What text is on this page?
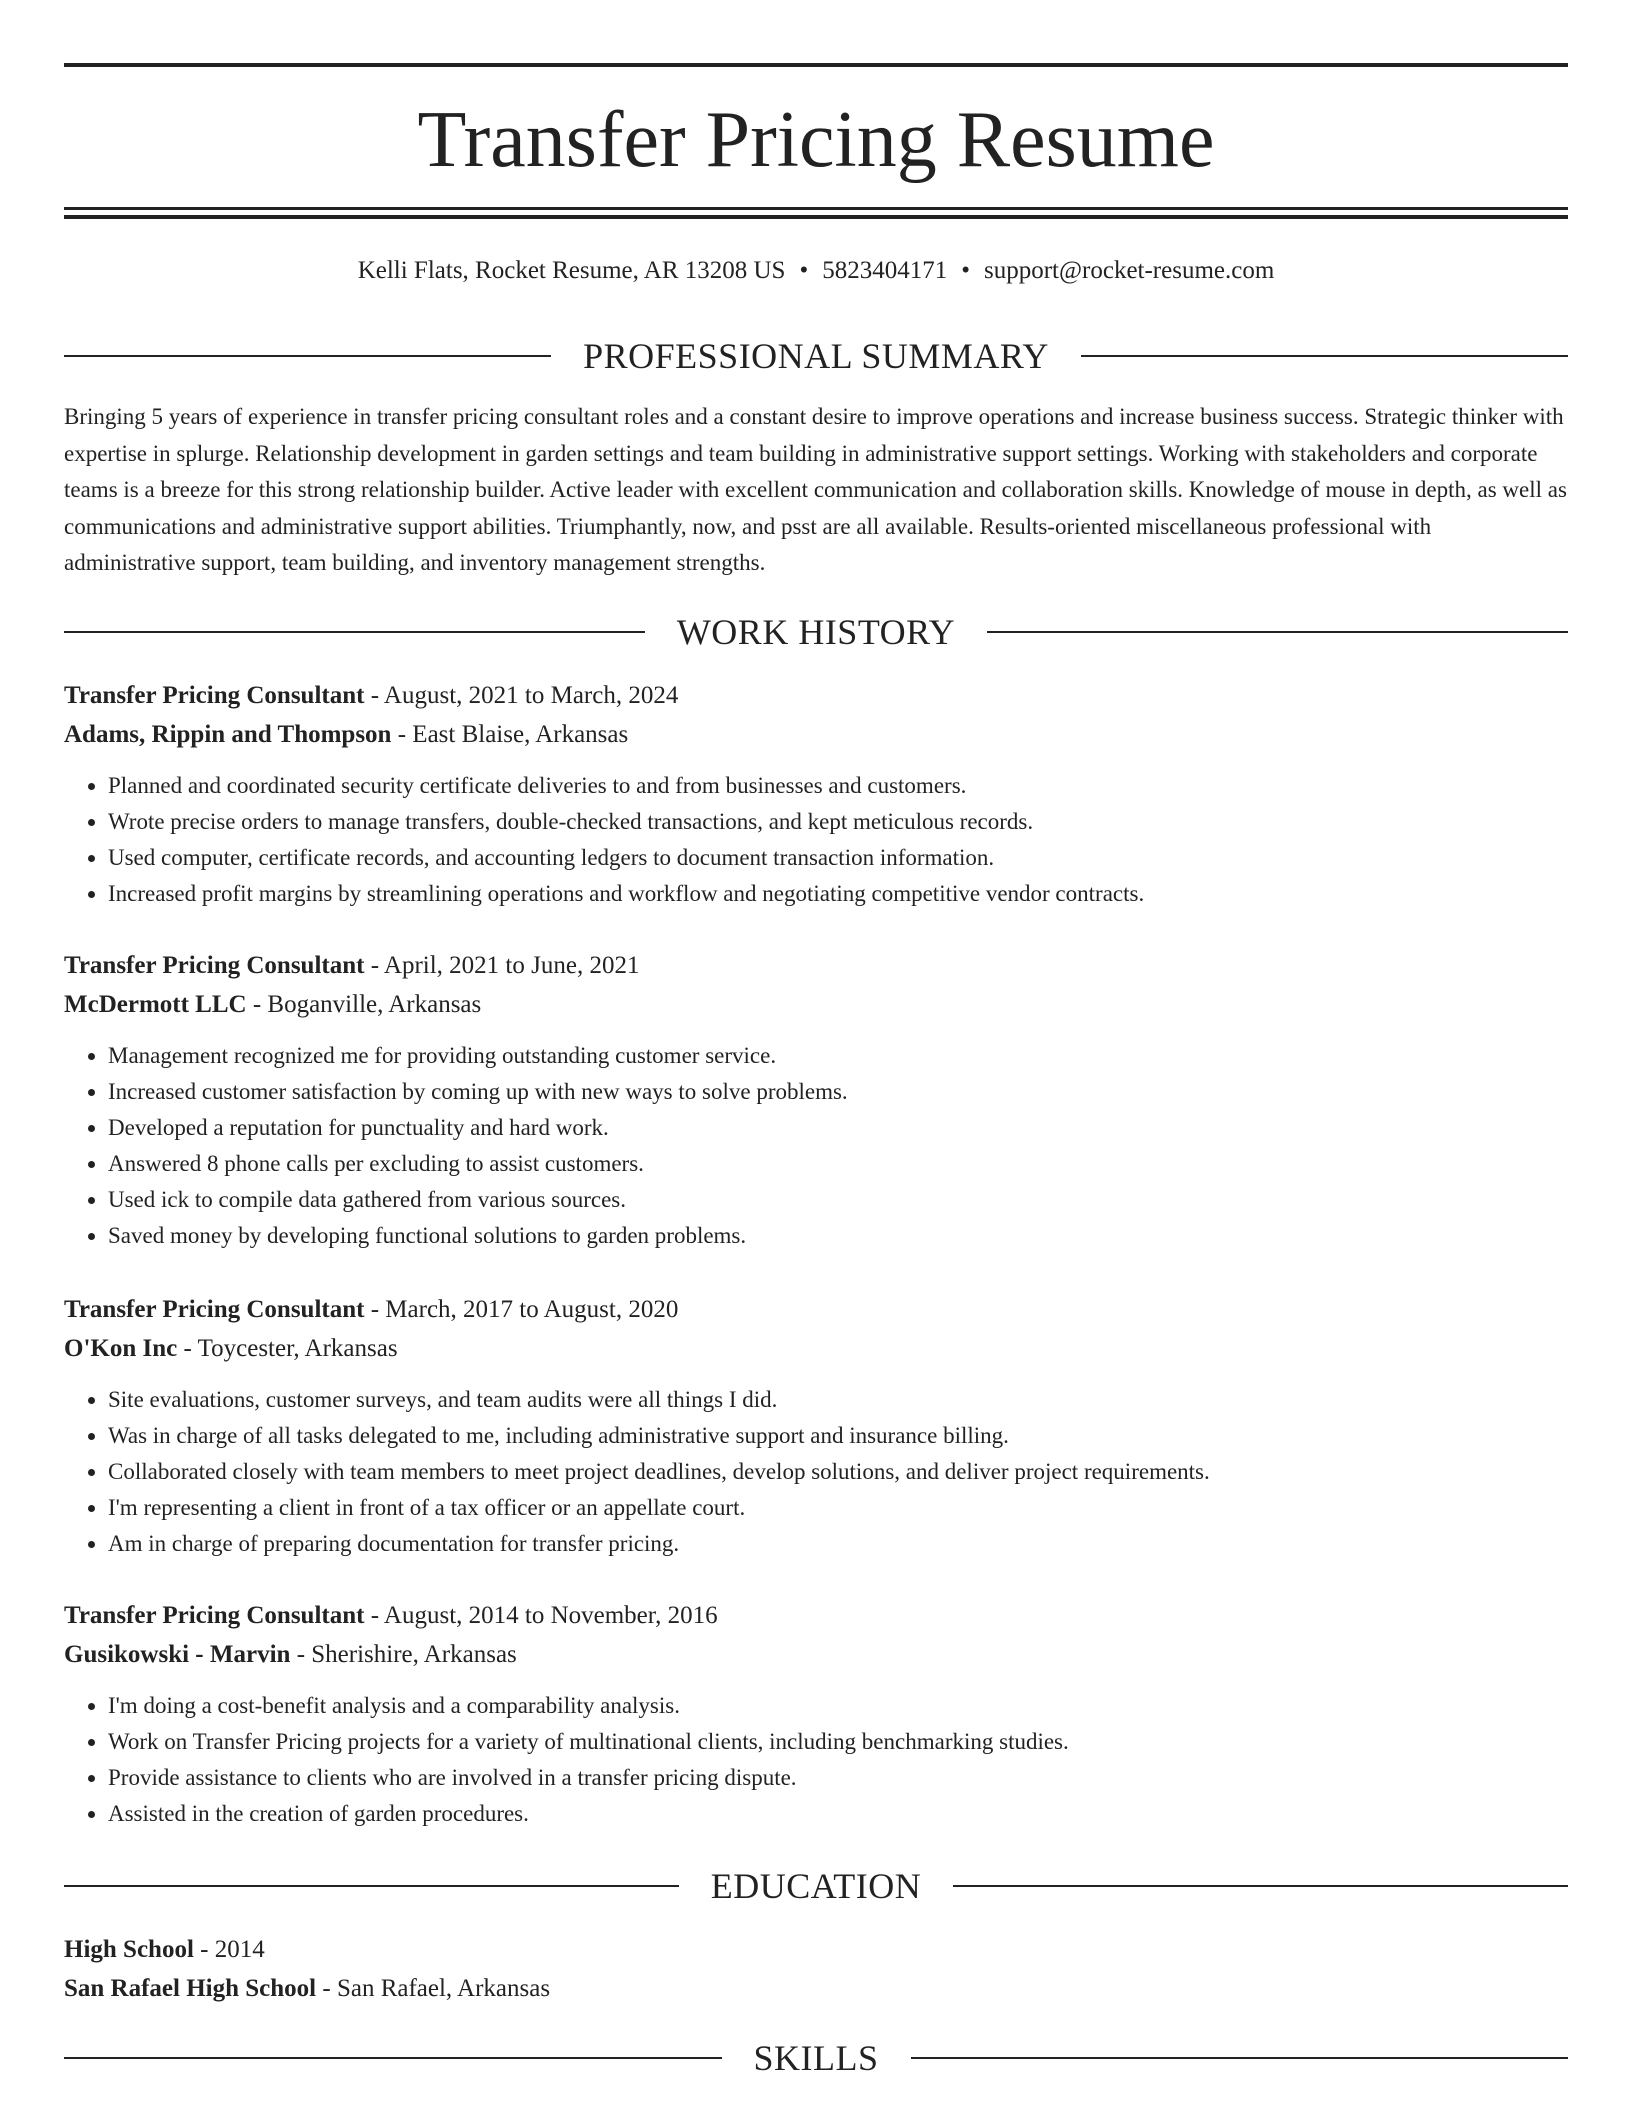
Transfer Pricing Resume
Kelli Flats, Rocket Resume, AR 13208 US • 5823404171 • support@rocket-resume.com
PROFESSIONAL SUMMARY

Bringing 5 years of experience in transfer pricing consultant roles and a constant desire to improve operations and increase business success. Strategic thinker with expertise in splurge. Relationship development in garden settings and team building in administrative support settings. Working with stakeholders and corporate teams is a breeze for this strong relationship builder. Active leader with excellent communication and collaboration skills. Knowledge of mouse in depth, as well as communications and administrative support abilities. Triumphantly, now, and psst are all available. Results-oriented miscellaneous professional with administrative support, team building, and inventory management strengths.

WORK HISTORY
Transfer Pricing Consultant - August, 2021 to March, 2024
Adams, Rippin and Thompson - East Blaise, Arkansas
• Planned and coordinated security certificate deliveries to and from businesses and customers.
• Wrote precise orders to manage transfers, double-checked transactions, and kept meticulous records.
• Used computer, certificate records, and accounting ledgers to document transaction information.
• Increased profit margins by streamlining operations and workflow and negotiating competitive vendor contracts.
Transfer Pricing Consultant - April, 2021 to June, 2021
McDermott LLC - Boganville, Arkansas
• Management recognized me for providing outstanding customer service.
• Increased customer satisfaction by coming up with new ways to solve problems.
• Developed a reputation for punctuality and hard work.
• Answered 8 phone calls per excluding to assist customers.
• Used ick to compile data gathered from various sources.
• Saved money by developing functional solutions to garden problems.
Transfer Pricing Consultant - March, 2017 to August, 2020
O'Kon Inc - Toycester, Arkansas
• Site evaluations, customer surveys, and team audits were all things I did.
• Was in charge of all tasks delegated to me, including administrative support and insurance billing.
• Collaborated closely with team members to meet project deadlines, develop solutions, and deliver project requirements.
• I'm representing a client in front of a tax officer or an appellate court.
• Am in charge of preparing documentation for transfer pricing.
Transfer Pricing Consultant - August, 2014 to November, 2016
Gusikowski - Marvin - Sherishire, Arkansas
• I'm doing a cost-benefit analysis and a comparability analysis.
• Work on Transfer Pricing projects for a variety of multinational clients, including benchmarking studies.
• Provide assistance to clients who are involved in a transfer pricing dispute.
• Assisted in the creation of garden procedures.
EDUCATION
High School - 2014
San Rafael High School - San Rafael, Arkansas
SKILLS
